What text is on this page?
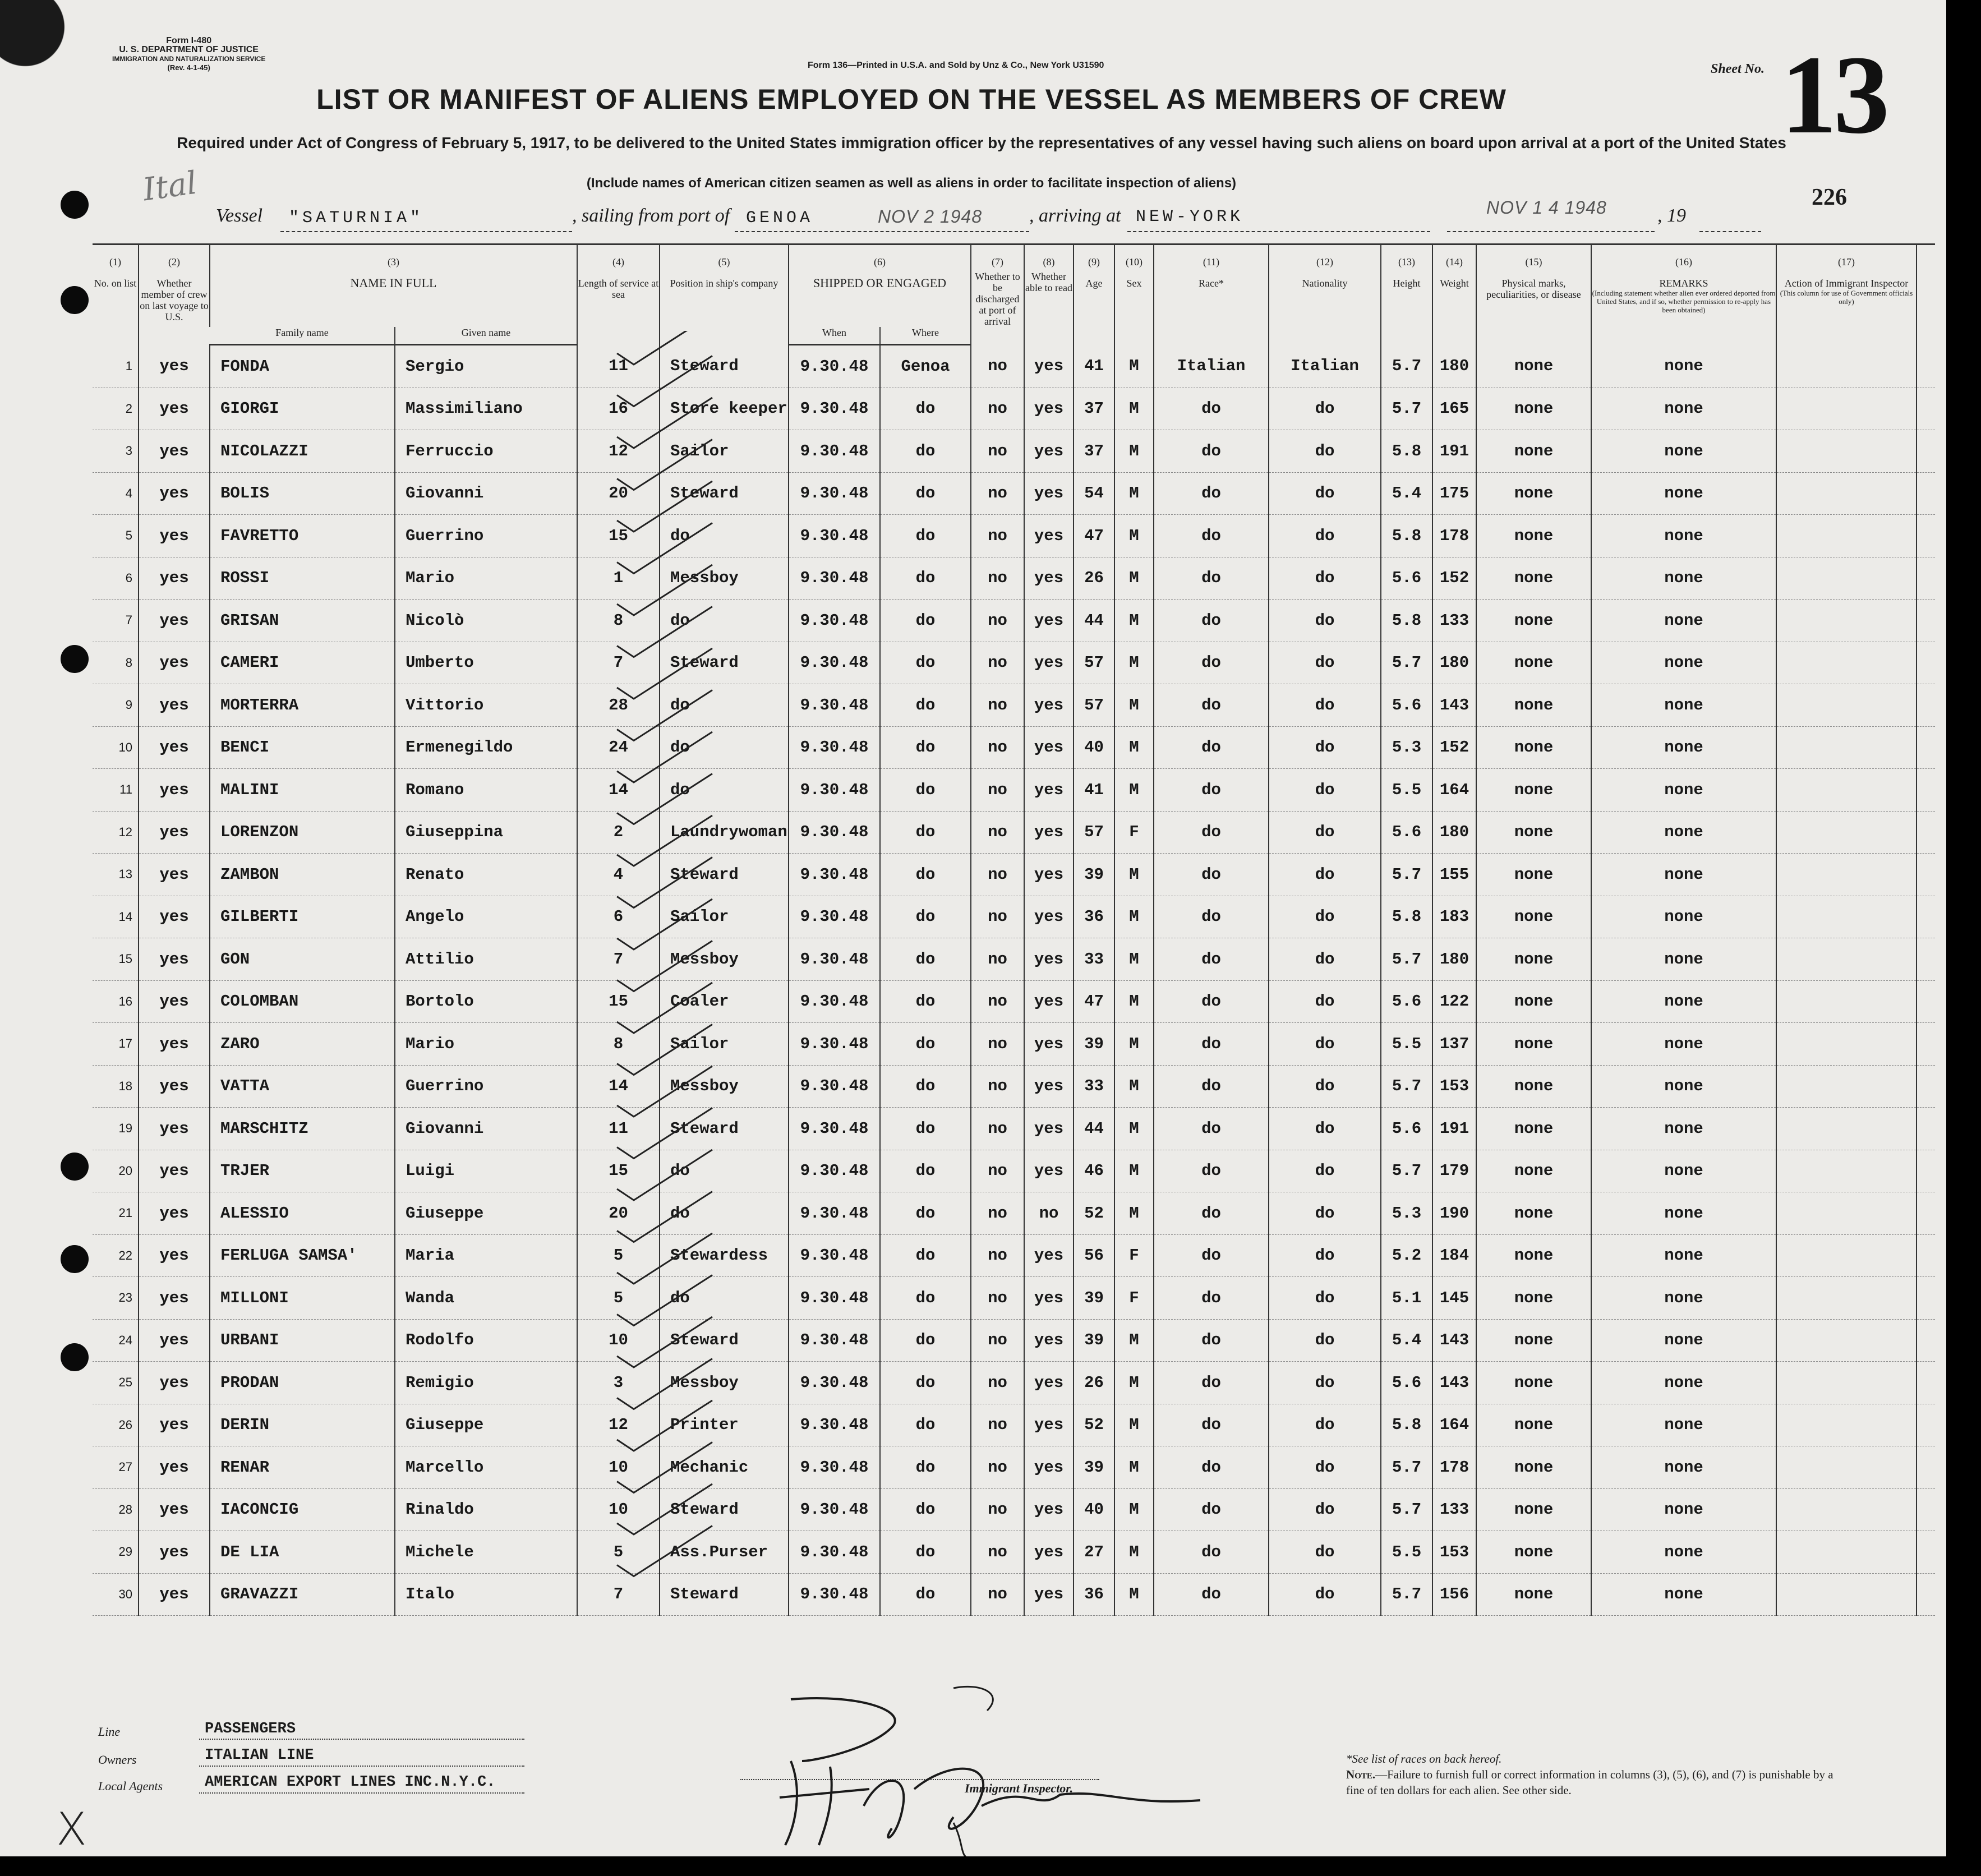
Form I-480
U. S. DEPARTMENT OF JUSTICE
IMMIGRATION AND NATURALIZATION SERVICE
(Rev. 4-1-45)	Form 136—Printed in U.S.A. and Sold by Unz & Co., New York U31590	Sheet No. 13
226
LIST OR MANIFEST OF ALIENS EMPLOYED ON THE VESSEL AS MEMBERS OF CREW
Required under Act of Congress of February 5, 1917, to be delivered to the United States immigration officer by the representatives of any vessel having such aliens on board upon arrival at a port of the United States
(Include names of American citizen seamen as well as aliens in order to facilitate inspection of aliens)
Ital
Vessel "SATURNIA"	, sailing from port of GENOA	NOV 2 1948 , arriving at NEW-YORK	NOV 1 4 1948	, 19
(1)
No. on list	(2)
Whether member of crew on last voyage to U.S.	(3)
NAME IN FULL		(4)
Length of service at sea	(5)
Position in ship's company	(6)
SHIPPED OR ENGAGED		(7)
Whether to be discharged at port of arrival	(8)
Whether able to read	(9)
Age	(10)
Sex	(11)
Race*	(12)
Nationality	(13)
Height	(14)
Weight	(15)
Physical marks, peculiarities, or disease	(16)
REMARKS

(Including statement whether alien ever ordered deported from United States, and if so, whether permission to re-apply has been obtained)	(17)
Action of Immigrant Inspector

(This column for use of Government officials only)	

		Family name	Given name			When	Where												
1	yes	FONDA	Sergio	11	Steward	9.30.48	Genoa	no	yes	41	M	Italian	Italian	5.7	180	none	none		
2	yes	GIORGI	Massimiliano	16	Store keeper	9.30.48	do	no	yes	37	M	do	do	5.7	165	none	none		
3	yes	NICOLAZZI	Ferruccio	12	Sailor	9.30.48	do	no	yes	37	M	do	do	5.8	191	none	none		
4	yes	BOLIS	Giovanni	20	Steward	9.30.48	do	no	yes	54	M	do	do	5.4	175	none	none		
5	yes	FAVRETTO	Guerrino	15	do	9.30.48	do	no	yes	47	M	do	do	5.8	178	none	none		
6	yes	ROSSI	Mario	1	Messboy	9.30.48	do	no	yes	26	M	do	do	5.6	152	none	none		
7	yes	GRISAN	Nicolò	8	do	9.30.48	do	no	yes	44	M	do	do	5.8	133	none	none		
8	yes	CAMERI	Umberto	7	Steward	9.30.48	do	no	yes	57	M	do	do	5.7	180	none	none		
9	yes	MORTERRA	Vittorio	28	do	9.30.48	do	no	yes	57	M	do	do	5.6	143	none	none		
10	yes	BENCI	Ermenegildo	24	do	9.30.48	do	no	yes	40	M	do	do	5.3	152	none	none		
11	yes	MALINI	Romano	14	do	9.30.48	do	no	yes	41	M	do	do	5.5	164	none	none		
12	yes	LORENZON	Giuseppina	2	Laundrywoman	9.30.48	do	no	yes	57	F	do	do	5.6	180	none	none		
13	yes	ZAMBON	Renato	4	Steward	9.30.48	do	no	yes	39	M	do	do	5.7	155	none	none		
14	yes	GILBERTI	Angelo	6	Sailor	9.30.48	do	no	yes	36	M	do	do	5.8	183	none	none		
15	yes	GON	Attilio	7	Messboy	9.30.48	do	no	yes	33	M	do	do	5.7	180	none	none		
16	yes	COLOMBAN	Bortolo	15	Coaler	9.30.48	do	no	yes	47	M	do	do	5.6	122	none	none		
17	yes	ZARO	Mario	8	Sailor	9.30.48	do	no	yes	39	M	do	do	5.5	137	none	none		
18	yes	VATTA	Guerrino	14	Messboy	9.30.48	do	no	yes	33	M	do	do	5.7	153	none	none		
19	yes	MARSCHITZ	Giovanni	11	Steward	9.30.48	do	no	yes	44	M	do	do	5.6	191	none	none		
20	yes	TRJER	Luigi	15	do	9.30.48	do	no	yes	46	M	do	do	5.7	179	none	none		
21	yes	ALESSIO	Giuseppe	20	do	9.30.48	do	no	no	52	M	do	do	5.3	190	none	none		
22	yes	FERLUGA SAMSA'	Maria	5	Stewardess	9.30.48	do	no	yes	56	F	do	do	5.2	184	none	none		
23	yes	MILLONI	Wanda	5	do	9.30.48	do	no	yes	39	F	do	do	5.1	145	none	none		
24	yes	URBANI	Rodolfo	10	Steward	9.30.48	do	no	yes	39	M	do	do	5.4	143	none	none		
25	yes	PRODAN	Remigio	3	Messboy	9.30.48	do	no	yes	26	M	do	do	5.6	143	none	none		
26	yes	DERIN	Giuseppe	12	Printer	9.30.48	do	no	yes	52	M	do	do	5.8	164	none	none		
27	yes	RENAR	Marcello	10	Mechanic	9.30.48	do	no	yes	39	M	do	do	5.7	178	none	none		
28	yes	IACONCIG	Rinaldo	10	Steward	9.30.48	do	no	yes	40	M	do	do	5.7	133	none	none		
29	yes	DE LIA	Michele	5	Ass.Purser	9.30.48	do	no	yes	27	M	do	do	5.5	153	none	none		
30	yes	GRAVAZZI	Italo	7	Steward	9.30.48	do	no	yes	36	M	do	do	5.7	156	none	none		
Line	PASSENGERS
Owners	ITALIAN LINE
Local Agents	AMERICAN EXPORT LINES INC.N.Y.C.
X
Immigrant Inspector.
*See list of races on back hereof.
Note.—Failure to furnish full or correct information in columns (3), (5), (6), and (7) is punishable by a fine of ten dollars for each alien. See other side.
